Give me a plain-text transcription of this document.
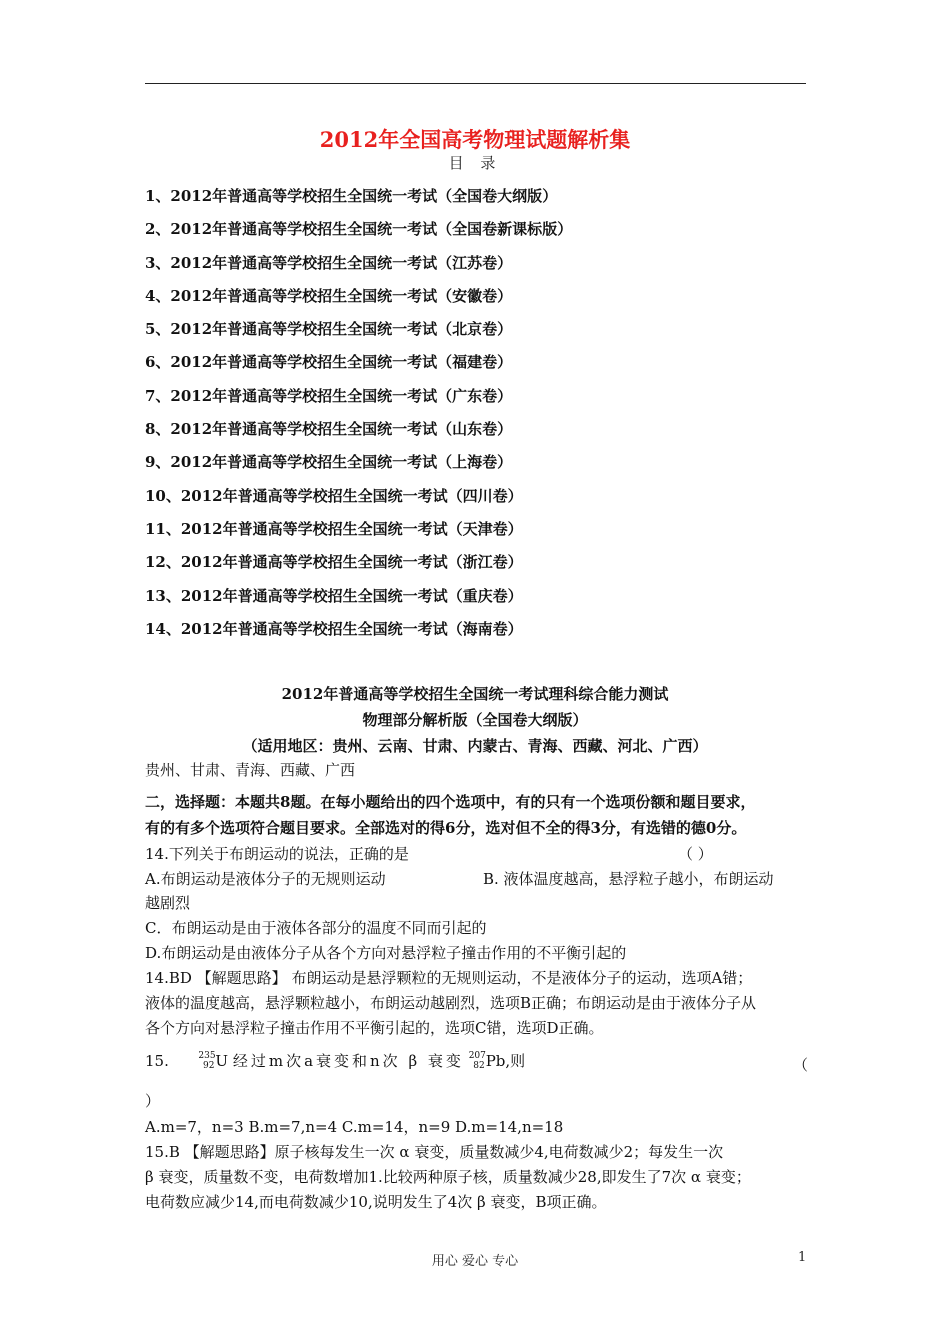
2012年全国高考物理试题解析集
目 录
1、2012年普通高等学校招生全国统一考试（全国卷大纲版）
2、2012年普通高等学校招生全国统一考试（全国卷新课标版）
3、2012年普通高等学校招生全国统一考试（江苏卷）
4、2012年普通高等学校招生全国统一考试（安徽卷）
5、2012年普通高等学校招生全国统一考试（北京卷）
6、2012年普通高等学校招生全国统一考试（福建卷）
7、2012年普通高等学校招生全国统一考试（广东卷）
8、2012年普通高等学校招生全国统一考试（山东卷）
9、2012年普通高等学校招生全国统一考试（上海卷）
10、2012年普通高等学校招生全国统一考试（四川卷）
11、2012年普通高等学校招生全国统一考试（天津卷）
12、2012年普通高等学校招生全国统一考试（浙江卷）
13、2012年普通高等学校招生全国统一考试（重庆卷）
14、2012年普通高等学校招生全国统一考试（海南卷）
2012年普通高等学校招生全国统一考试理科综合能力测试
物理部分解析版（全国卷大纲版）
（适用地区：贵州、云南、甘肃、内蒙古、青海、西藏、河北、广西）
贵州、甘肃、青海、西藏、广西
二，选择题：本题共8题。在每小题给出的四个选项中，有的只有一个选项份额和题目要求，
有的有多个选项符合题目要求。全部选对的得6分，选对但不全的得3分，有选错的德0分。
14.下列关于布朗运动的说法，正确的是	（ ）
A.布朗运动是液体分子的无规则运动	B. 液体温度越高，悬浮粒子越小，布朗运动
越剧烈
C．布朗运动是由于液体各部分的温度不同而引起的
D.布朗运动是由液体分子从各个方向对悬浮粒子撞击作用的不平衡引起的
14.BD 【解题思路】 布朗运动是悬浮颗粒的无规则运动，不是液体分子的运动，选项A错；
液体的温度越高，悬浮颗粒越小，布朗运动越剧烈，选项B正确；布朗运动是由于液体分子从
各个方向对悬浮粒子撞击作用不平衡引起的，选项C错，选项D正确。
15.	235
92 U 经过m次a衰变和n次 β 衰变 207
82 Pb,则	（
）
A.m=7，n=3 B.m=7,n=4 C.m=14，n=9 D.m=14,n=18
15.B 【解题思路】原子核每发生一次 α 衰变，质量数减少4,电荷数减少2；每发生一次
β 衰变，质量数不变，电荷数增加1.比较两种原子核，质量数减少28,即发生了7次 α 衰变；
电荷数应减少14,而电荷数减少10,说明发生了4次 β 衰变，B项正确。
用心 爱心 专心	1
